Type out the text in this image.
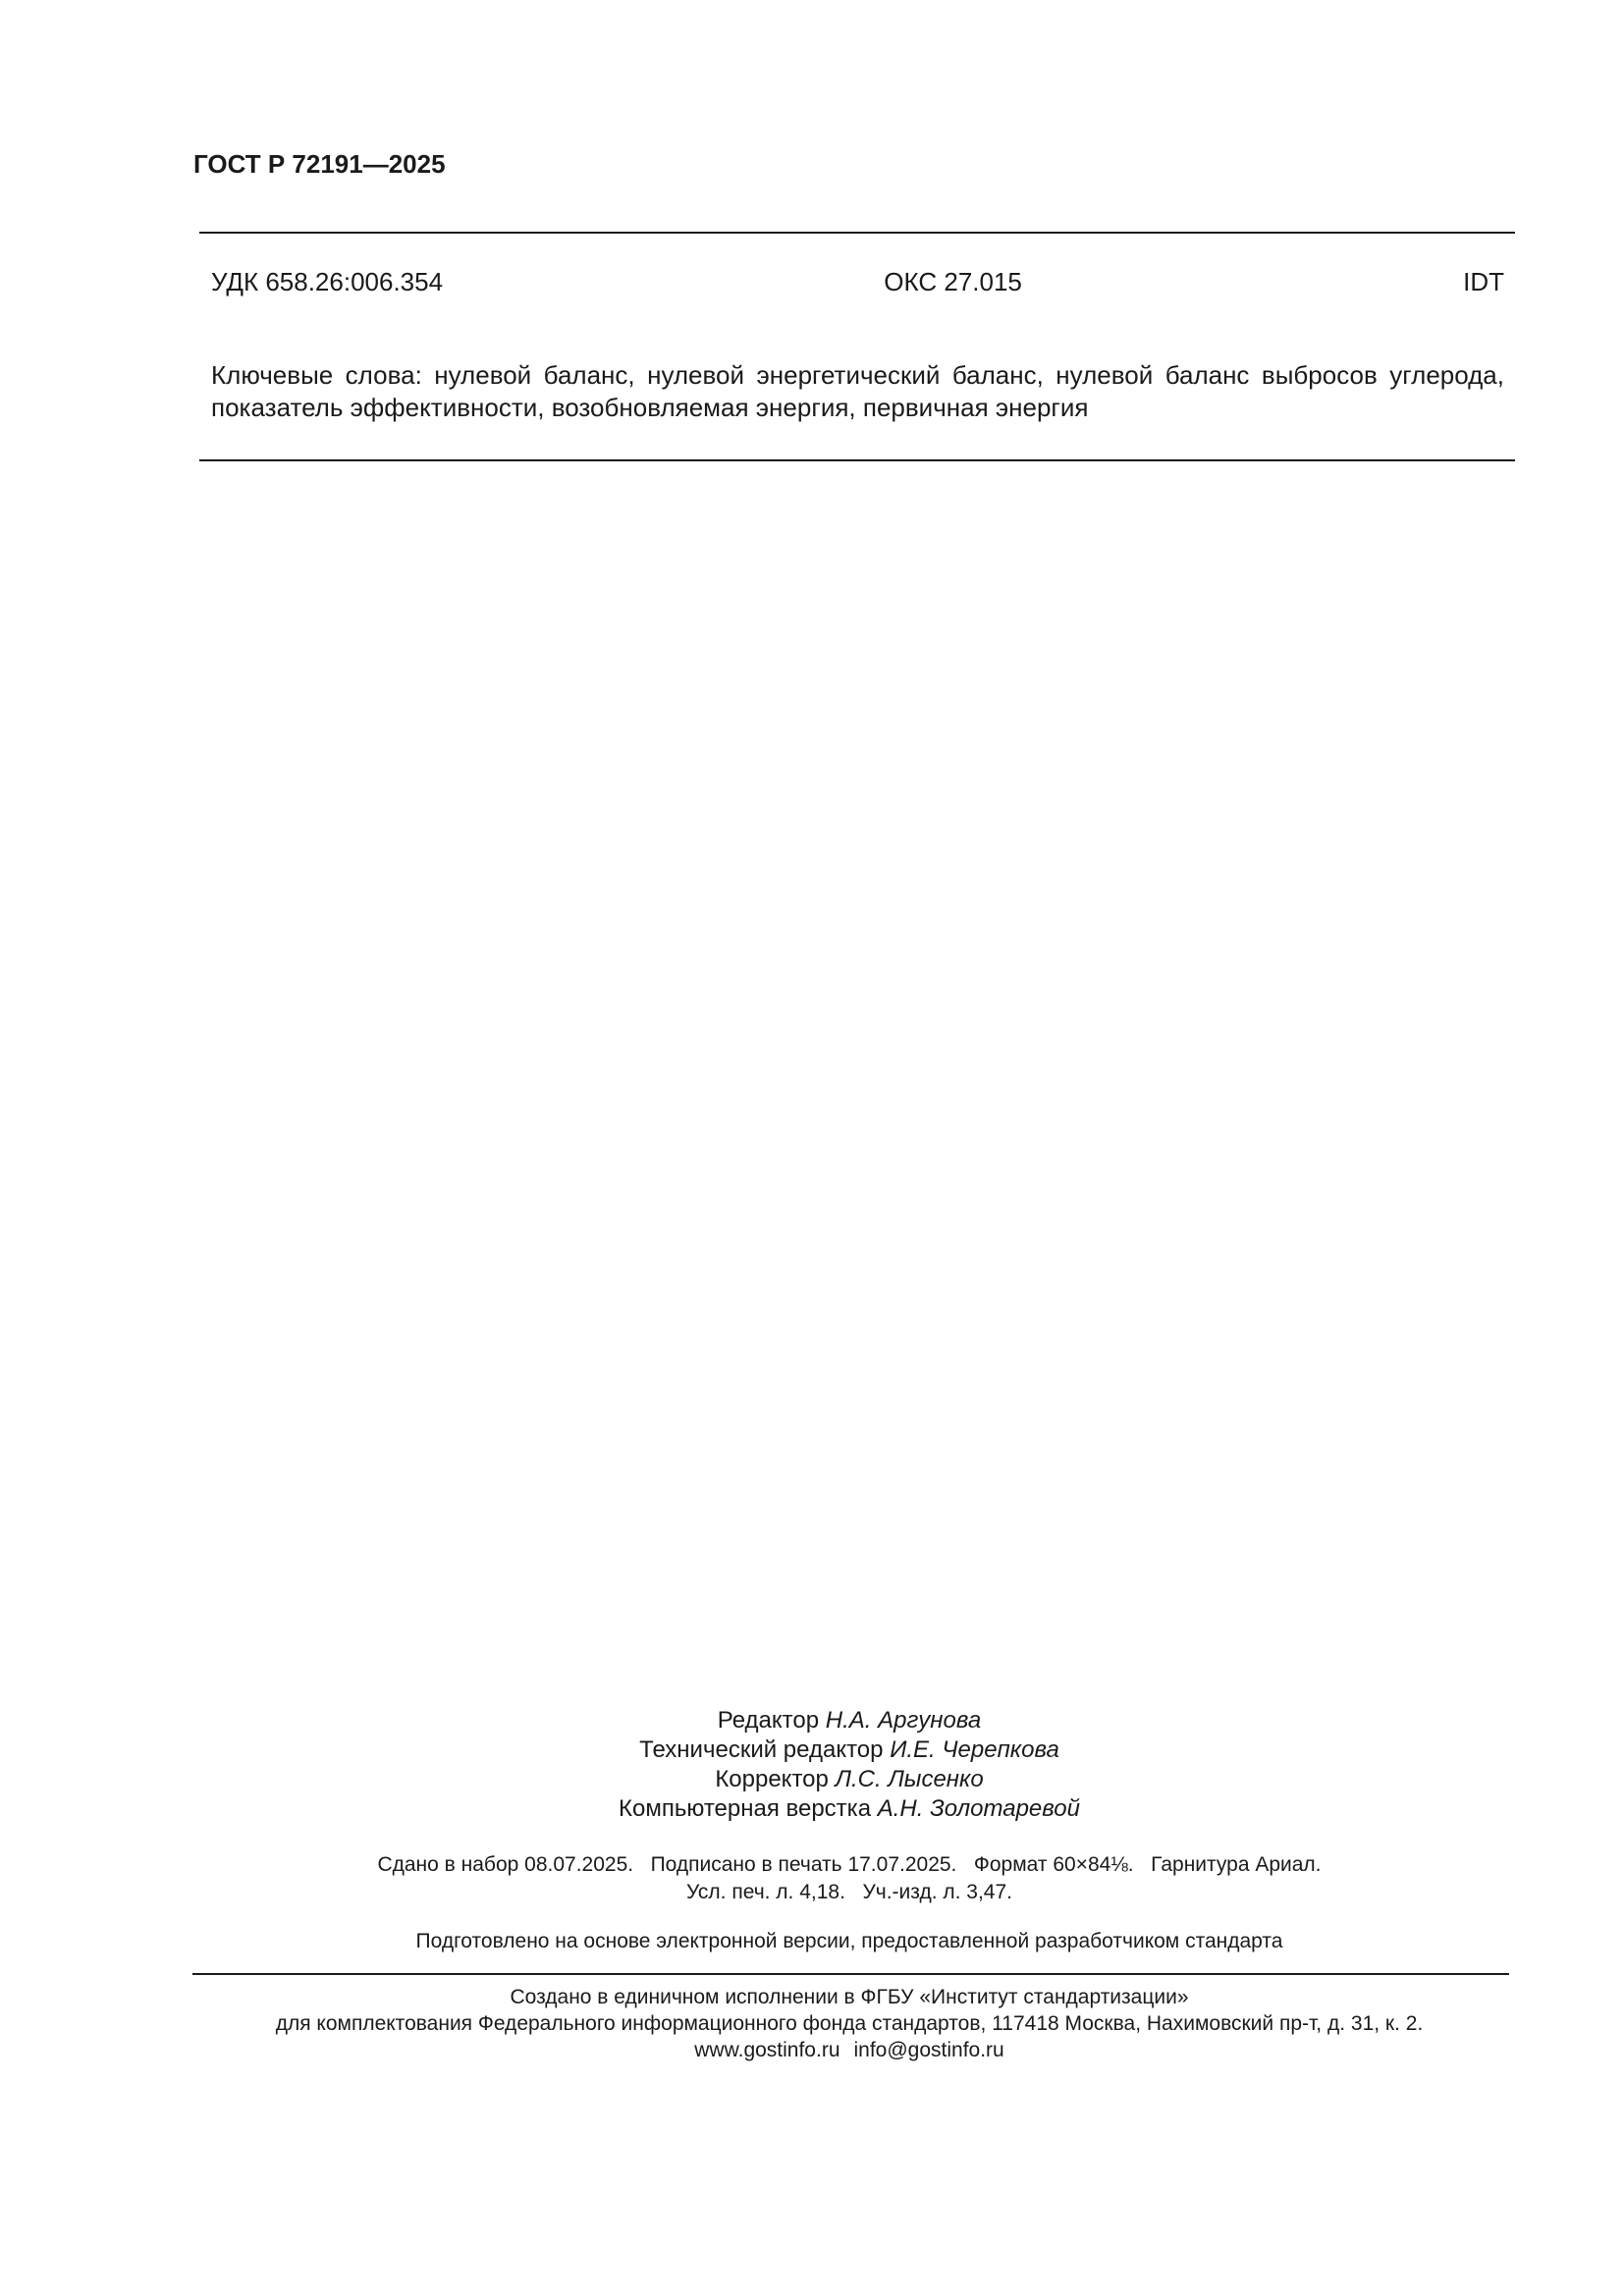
ГОСТ Р 72191—2025
УДК 658.26:006.354	ОКС 27.015	IDT
Ключевые слова: нулевой баланс, нулевой энергетический баланс, нулевой баланс выбросов углерода, показатель эффективности, возобновляемая энергия, первичная энергия
Редактор Н.А. Аргунова
Технический редактор И.Е. Черепкова
Корректор Л.С. Лысенко
Компьютерная верстка А.Н. Золотаревой
Сдано в набор 08.07.2025.   Подписано в печать 17.07.2025.   Формат 60×84⅛.   Гарнитура Ариал.
Усл. печ. л. 4,18.   Уч.-изд. л. 3,47.
Подготовлено на основе электронной версии, предоставленной разработчиком стандарта
Создано в единичном исполнении в ФГБУ «Институт стандартизации»
для комплектования Федерального информационного фонда стандартов, 117418 Москва, Нахимовский пр-т, д. 31, к. 2.
www.gostinfo.ru info@gostinfo.ru
